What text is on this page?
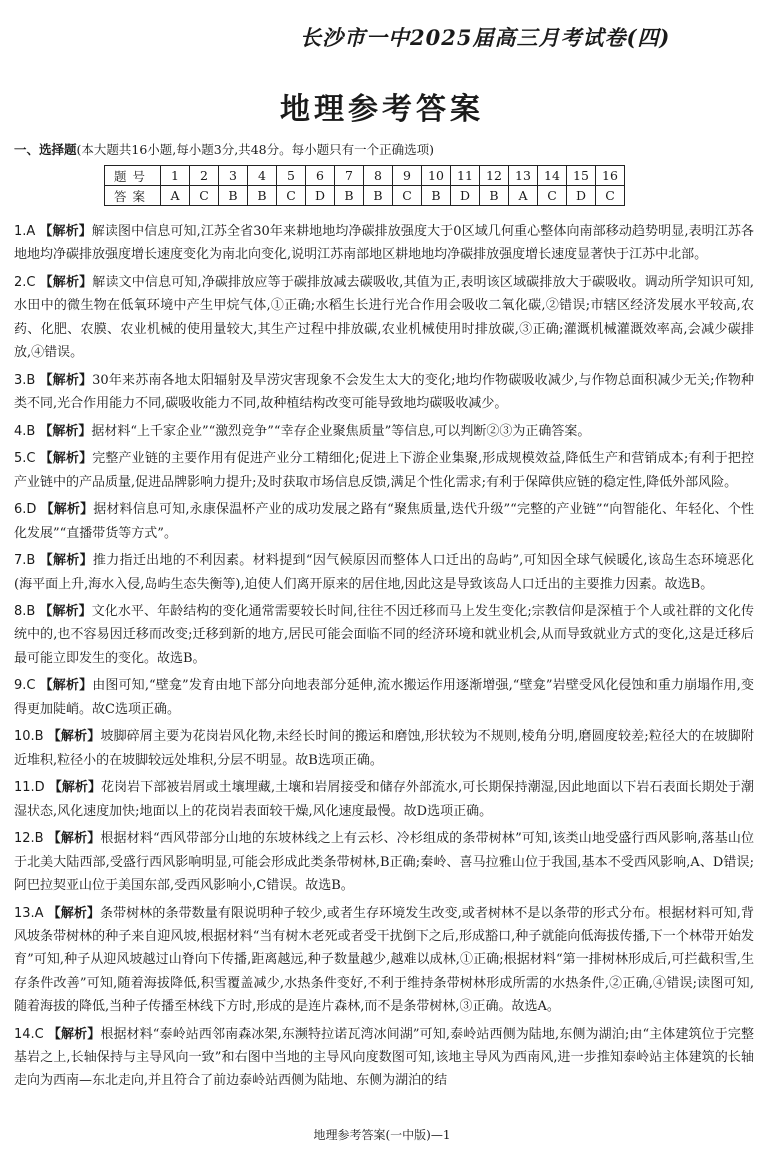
长沙市一中2025届高三月考试卷(四)
地理参考答案
一、选择题(本大题共16小题,每小题3分,共48分。每小题只有一个正确选项)
题号	1	2	3	4	5	6	7	8	9	10	11	12	13	14	15	16
答案	A	C	B	B	C	D	B	B	C	B	D	B	A	C	D	C
1.A 【解析】解读图中信息可知,江苏全省30年来耕地地均净碳排放强度大于0区域几何重心整体向南部移动趋势明显,表明江苏各地地均净碳排放强度增长速度变化为南北向变化,说明江苏南部地区耕地地均净碳排放强度增长速度显著快于江苏中北部。
2.C 【解析】解读文中信息可知,净碳排放应等于碳排放减去碳吸收,其值为正,表明该区域碳排放大于碳吸收。调动所学知识可知,水田中的微生物在低氧环境中产生甲烷气体,①正确;水稻生长进行光合作用会吸收二氧化碳,②错误;市辖区经济发展水平较高,农药、化肥、农膜、农业机械的使用量较大,其生产过程中排放碳,农业机械使用时排放碳,③正确;灌溉机械灌溉效率高,会减少碳排放,④错误。
3.B 【解析】30年来苏南各地太阳辐射及旱涝灾害现象不会发生太大的变化;地均作物碳吸收减少,与作物总面积减少无关;作物种类不同,光合作用能力不同,碳吸收能力不同,故种植结构改变可能导致地均碳吸收减少。
4.B 【解析】据材料“上千家企业”“激烈竞争”“幸存企业聚焦质量”等信息,可以判断②③为正确答案。
5.C 【解析】完整产业链的主要作用有促进产业分工精细化;促进上下游企业集聚,形成规模效益,降低生产和营销成本;有利于把控产业链中的产品质量,促进品牌影响力提升;及时获取市场信息反馈,满足个性化需求;有利于保障供应链的稳定性,降低外部风险。
6.D 【解析】据材料信息可知,永康保温杯产业的成功发展之路有“聚焦质量,迭代升级”“完整的产业链”“向智能化、年轻化、个性化发展”“直播带货等方式”。
7.B 【解析】推力指迁出地的不利因素。材料提到“因气候原因而整体人口迁出的岛屿”,可知因全球气候暖化,该岛生态环境恶化(海平面上升,海水入侵,岛屿生态失衡等),迫使人们离开原来的居住地,因此这是导致该岛人口迁出的主要推力因素。故选B。
8.B 【解析】文化水平、年龄结构的变化通常需要较长时间,往往不因迁移而马上发生变化;宗教信仰是深植于个人或社群的文化传统中的,也不容易因迁移而改变;迁移到新的地方,居民可能会面临不同的经济环境和就业机会,从而导致就业方式的变化,这是迁移后最可能立即发生的变化。故选B。
9.C 【解析】由图可知,“壁龛”发育由地下部分向地表部分延伸,流水搬运作用逐渐增强,“壁龛”岩壁受风化侵蚀和重力崩塌作用,变得更加陡峭。故C选项正确。
10.B 【解析】坡脚碎屑主要为花岗岩风化物,未经长时间的搬运和磨蚀,形状较为不规则,棱角分明,磨圆度较差;粒径大的在坡脚附近堆积,粒径小的在坡脚较远处堆积,分层不明显。故B选项正确。
11.D 【解析】花岗岩下部被岩屑或土壤埋藏,土壤和岩屑接受和储存外部流水,可长期保持潮湿,因此地面以下岩石表面长期处于潮湿状态,风化速度加快;地面以上的花岗岩表面较干燥,风化速度最慢。故D选项正确。
12.B 【解析】根据材料“西风带部分山地的东坡林线之上有云杉、冷杉组成的条带树林”可知,该类山地受盛行西风影响,落基山位于北美大陆西部,受盛行西风影响明显,可能会形成此类条带树林,B正确;秦岭、喜马拉雅山位于我国,基本不受西风影响,A、D错误;阿巴拉契亚山位于美国东部,受西风影响小,C错误。故选B。
13.A 【解析】条带树林的条带数量有限说明种子较少,或者生存环境发生改变,或者树林不是以条带的形式分布。根据材料可知,背风坡条带树林的种子来自迎风坡,根据材料“当有树木老死或者受干扰倒下之后,形成豁口,种子就能向低海拔传播,下一个林带开始发育”可知,种子从迎风坡越过山脊向下传播,距离越远,种子数量越少,越难以成林,①正确;根据材料“第一排树林形成后,可拦截积雪,生存条件改善”可知,随着海拔降低,积雪覆盖减少,水热条件变好,不利于维持条带树林形成所需的水热条件,②正确,④错误;读图可知,随着海拔的降低,当种子传播至林线下方时,形成的是连片森林,而不是条带树林,③正确。故选A。
14.C 【解析】根据材料“泰岭站西邻南森冰架,东濒特拉诺瓦湾冰间湖”可知,泰岭站西侧为陆地,东侧为湖泊;由“主体建筑位于完整基岩之上,长轴保持与主导风向一致”和右图中当地的主导风向度数图可知,该地主导风为西南风,进一步推知泰岭站主体建筑的长轴走向为西南—东北走向,并且符合了前边泰岭站西侧为陆地、东侧为湖泊的结
地理参考答案(一中版)—1
